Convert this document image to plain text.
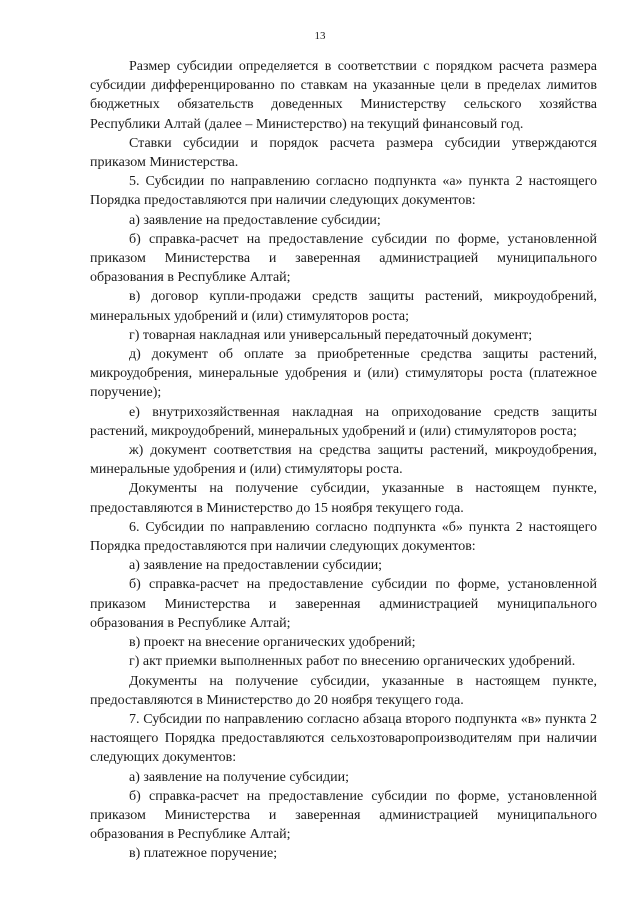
13

Размер субсидии определяется в соответствии с порядком расчета размера субсидии дифференцированно по ставкам на указанные цели в пределах лимитов бюджетных обязательств доведенных Министерству сельского хозяйства Республики Алтай (далее – Министерство) на текущий финансовый год.

Ставки субсидии и порядок расчета размера субсидии утверждаются приказом Министерства.

5. Субсидии по направлению согласно подпункта «а» пункта 2 настоящего Порядка предоставляются при наличии следующих документов:

а) заявление на предоставление субсидии;

б) справка-расчет на предоставление субсидии по форме, установленной приказом Министерства и заверенная администрацией муниципального образования в Республике Алтай;

в) договор купли-продажи средств защиты растений, микроудобрений, минеральных удобрений и (или) стимуляторов роста;

г) товарная накладная или универсальный передаточный документ;

д) документ об оплате за приобретенные средства защиты растений, микроудобрения, минеральные удобрения и (или) стимуляторы роста (платежное поручение);

е) внутрихозяйственная накладная на оприходование средств защиты растений, микроудобрений, минеральных удобрений и (или) стимуляторов роста;

ж) документ соответствия на средства защиты растений, микроудобрения, минеральные удобрения и (или) стимуляторы роста.

Документы на получение субсидии, указанные в настоящем пункте, предоставляются в Министерство до 15 ноября текущего года.

6. Субсидии по направлению согласно подпункта «б» пункта 2 настоящего Порядка предоставляются при наличии следующих документов:

а) заявление на предоставлении субсидии;

б) справка-расчет на предоставление субсидии по форме, установленной приказом Министерства и заверенная администрацией муниципального образования в Республике Алтай;

в) проект на внесение органических удобрений;

г) акт приемки выполненных работ по внесению органических удобрений.

Документы на получение субсидии, указанные в настоящем пункте, предоставляются в Министерство до 20 ноября текущего года.

7. Субсидии по направлению согласно абзаца второго подпункта «в» пункта 2 настоящего Порядка предоставляются сельхозтоваропроизводителям при наличии следующих документов:

а) заявление на получение субсидии;

б) справка-расчет на предоставление субсидии по форме, установленной приказом Министерства и заверенная администрацией муниципального образования в Республике Алтай;

в) платежное поручение;
